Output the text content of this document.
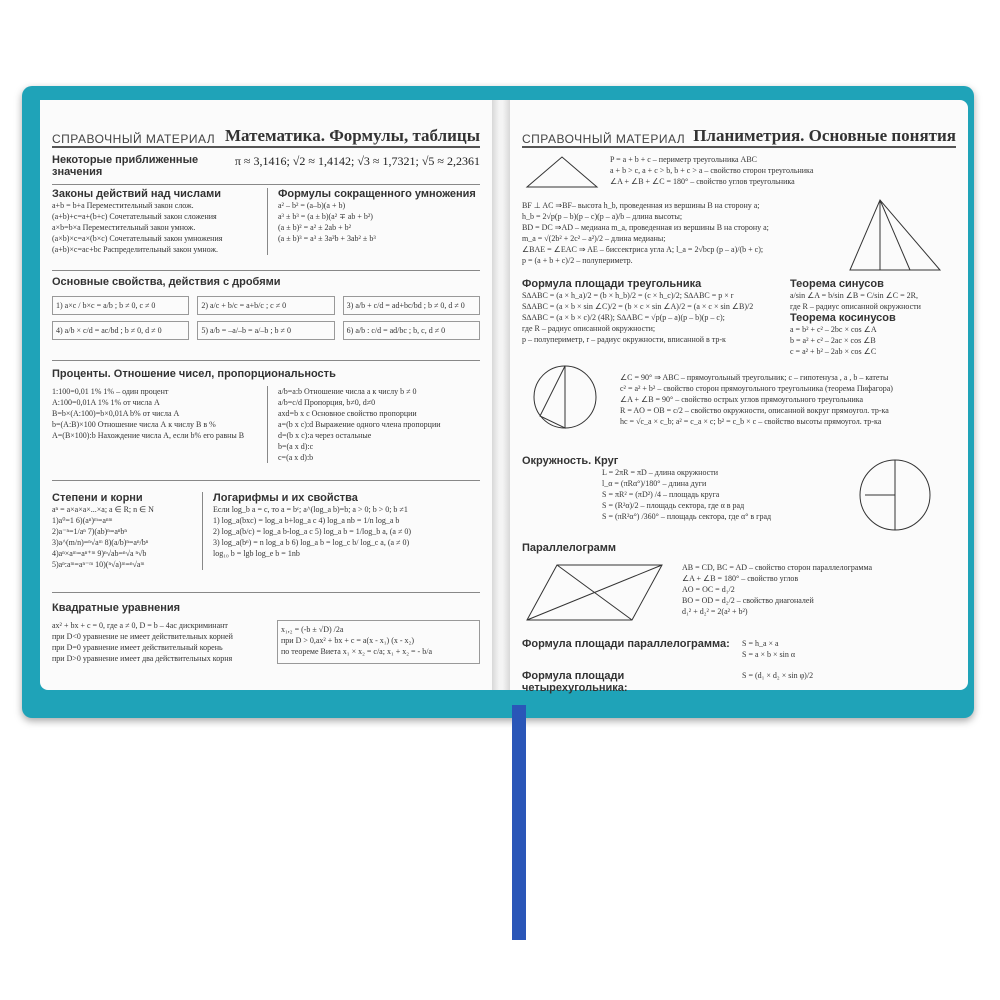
СПРАВОЧНЫЙ МАТЕРИАЛ Математика. Формулы, таблицы
Некоторые приближенные значения
π ≈ 3,1416; √2 ≈ 1,4142; √3 ≈ 1,7321; √5 ≈ 2,2361
Законы действий над числами
a+b = b+a Переместительный закон слож.
(a+b)+c=a+(b+c) Сочетательный закон сложения
a×b=b×a Переместительный закон умнож.
(a×b)×c=a×(b×c) Сочетательный закон умножения
(a+b)×c=ac+bc Распределительный закон умнож.
Формулы сокращенного умножения
a² – b² = (a–b)(a + b)
a³ ± b³ = (a ± b)(a² ∓ ab + b²)
(a ± b)² = a² ± 2ab + b²
(a ± b)³ = a³ ± 3a²b + 3ab² ± b³
Основные свойства, действия с дробями
1) a×c / b×c = a/b ; b ≠ 0, c ≠ 0	2) a/c + b/c = a+b/c ; c ≠ 0	3) a/b + c/d = ad+bc/bd ; b ≠ 0, d ≠ 0
4) a/b × c/d = ac/bd ; b ≠ 0, d ≠ 0	5) a/b = –a/–b = a/–b ; b ≠ 0	6) a/b : c/d = ad/bc ; b, c, d ≠ 0
Проценты. Отношение чисел, пропорциональность
1:100=0,01 1% 1% – один процент
A:100=0,01A 1% 1% от числа А
B=b×(A:100)=b×0,01A b% от числа А
b=(A:B)×100 Отношение числа А к числу В в %
A=(B×100):b Нахождение числа А, если b% его равны В
a/b=a:b Отношение числа a к числу b ≠ 0
a/b=c/d Пропорция, b≠0, d≠0
axd=b x c Основное свойство пропорции
a=(b x c):d Выражение одного члена пропорции
d=(b x c):a через остальные
b=(a x d):c
c=(a x d):b
Степени и корни
aⁿ = a×a×a×...×a; a ∈ R; n ∈ N
1)a⁰=1 6)(aⁿ)ᵐ=aⁿᵐ
2)a⁻ⁿ=1/aⁿ 7)(ab)ⁿ=aⁿbⁿ
3)a^(m/n)=ⁿ√aᵐ 8)(a/b)ⁿ=aⁿ/bⁿ
4)aⁿ×aᵐ=aⁿ⁺ᵐ 9)ⁿ√ab=ⁿ√a ⁿ√b
5)aⁿ:aᵐ=aⁿ⁻ᵐ 10)(ⁿ√a)ᵐ=ⁿ√aᵐ
Логарифмы и их свойства
Если log_b a = c, то a = bᶜ; a^(log_a b)=b; a > 0; b > 0; b ≠1
1) log_a(bxc) = log_a b+log_a c 4) log_a nb = 1/n log_a b
2) log_a(b/c) = log_a b-log_a c 5) log_a b = 1/log_b a, (a ≠ 0)
3) log_a(bⁿ) = n log_a b 6) log_a b = log_c b/ log_c a, (a ≠ 0)
log₁₀ b = lgb log_e b = 1nb
Квадратные уравнения
ax² + bx + c = 0, где a ≠ 0, D = b – 4ac дискриминант
при D<0 уравнение не имеет действительных корней
при D=0 уравнение имеет действительный корень
при D>0 уравнение имеет два действительных корня
x₁,₂ = (-b ± √D) /2a
при D > 0,ax² + bx + c = a(x - x₁) (x - x₂)
по теореме Виета x₁ × x₂ = c/a; x₁ + x₂ = - b/a
СПРАВОЧНЫЙ МАТЕРИАЛ Планиметрия. Основные понятия
P = a + b + c – периметр треугольника ABC
a + b > c, a + c > b, b + c > a – свойство сторон треугольника
∠A + ∠B + ∠C = 180° – свойство углов треугольника
BF ⊥ AC ⇒BF– высота h_b, проведенная из вершины В на сторону а;
h_b = 2√p(p – b)(p – c)(p – a)/b – длина высоты;
BD = DC ⇒AD – медиана m_a, проведенная из вершины В на сторону а;
m_a = √(2b² + 2c² – a²)/2 – длина медианы;
∠BAE = ∠EAC ⇒ AE – биссектриса угла А; l_a = 2√bcp (p – a)/(b + c);
p = (a + b + c)/2 – полупериметр.
Формула площади треугольника
S∆ABC = (a × h_a)/2 = (b × h_b)/2 = (c × h_c)/2; S∆ABC = p × r
S∆ABC = (a × b × sin ∠C)/2 = (b × c × sin ∠A)/2 = (a × c × sin ∠B)/2
S∆ABC = (a × b × c)/2 (4R); S∆ABC = √p(p – a)(p – b)(p – c);
где R – радиус описанной окружности;
p – полупериметр, r – радиус окружности, вписанной в тр-к
Теорема синусов
a/sin ∠A = b/sin ∠B = C/sin ∠C = 2R,
где R – радиус описанной окружности
Теорема косинусов
a = b² + c² – 2bc × cos ∠A
b = a² + c² – 2ac × cos ∠B
c = a² + b² – 2ab × cos ∠C
∠C = 90° ⇒ ABC – прямоугольный треугольник; c – гипотенуза , a , b – катеты
c² = a² + b² – свойство сторон прямоугольного треугольника (теорема Пифагора)
∠A + ∠B = 90° – свойство острых углов прямоугольного треугольника
R = AO = OB = c/2 – свойство окружности, описанной вокруг прямоугол. тр-ка
hc = √c_a × c_b; a² = c_a × c; b² = c_b × c – свойство высоты прямоугол. тр-ка
Окружность. Круг
L = 2πR = πD – длина окружности
l_α = (πRα°)/180° – длина дуги
S = πR² = (πD²) /4 – площадь круга
S = (R²α)/2 – площадь сектора, где α в рад
S = (πR²α°) /360° – площадь сектора, где α° в град
Параллелограмм
AB = CD, BC = AD – свойство сторон параллелограмма
∠A + ∠B = 180° – свойство углов
AO = OC = d₁/2
BO = OD = d₂/2 – свойство диагоналей
d₁² + d₂² = 2(a² + b²)
Формула площади параллелограмма: S = h_a × a
S = a × b × sin α
Формула площади четырехугольника:
S = (d₁ × d₂ × sin φ)/2
